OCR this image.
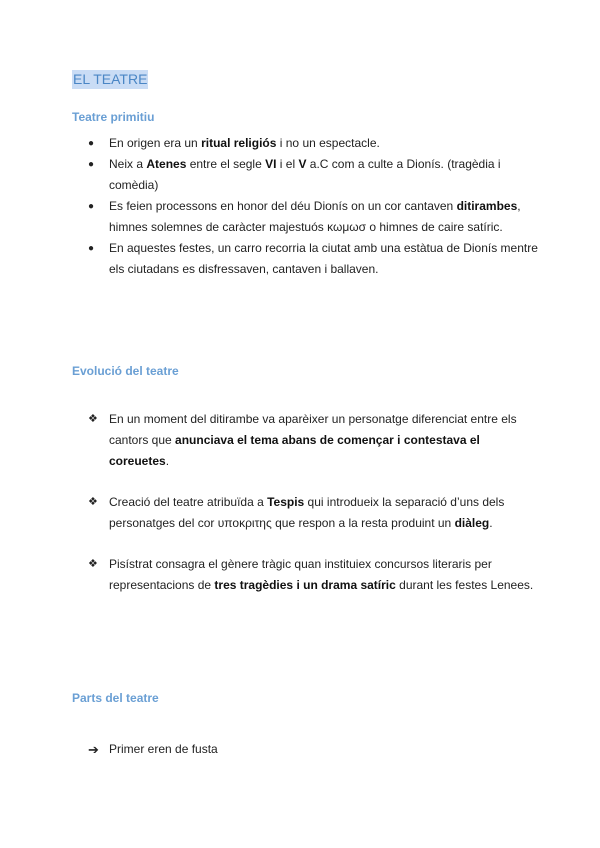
EL TEATRE
Teatre primitiu
●	En origen era un ritual religiós i no un espectacle.
●	Neix a Atenes entre el segle VI i el V a.C com a culte a Dionís. (tragèdia i comèdia)
●	Es feien processons en honor del déu Dionís on un cor cantaven ditirambes, himnes solemnes de caràcter majestuós κωμωσ o himnes de caire satíric.
●	En aquestes festes, un carro recorria la ciutat amb una estàtua de Dionís mentre els ciutadans es disfressaven, cantaven i ballaven.
Evolució del teatre
❖ En un moment del ditirambe va aparèixer un personatge diferenciat entre els cantors que anunciava el tema abans de començar i contestava el coreuetes.
❖ Creació del teatre atribuïda a Tespis qui introdueix la separació d’uns dels personatges del cor υποκριτης que respon a la resta produint un diàleg.
❖ Pisístrat consagra el gènere tràgic quan instituiex concursos literaris per representacions de tres tragèdies i un drama satíric durant les festes Lenees.
Parts del teatre
➔ Primer eren de fusta
